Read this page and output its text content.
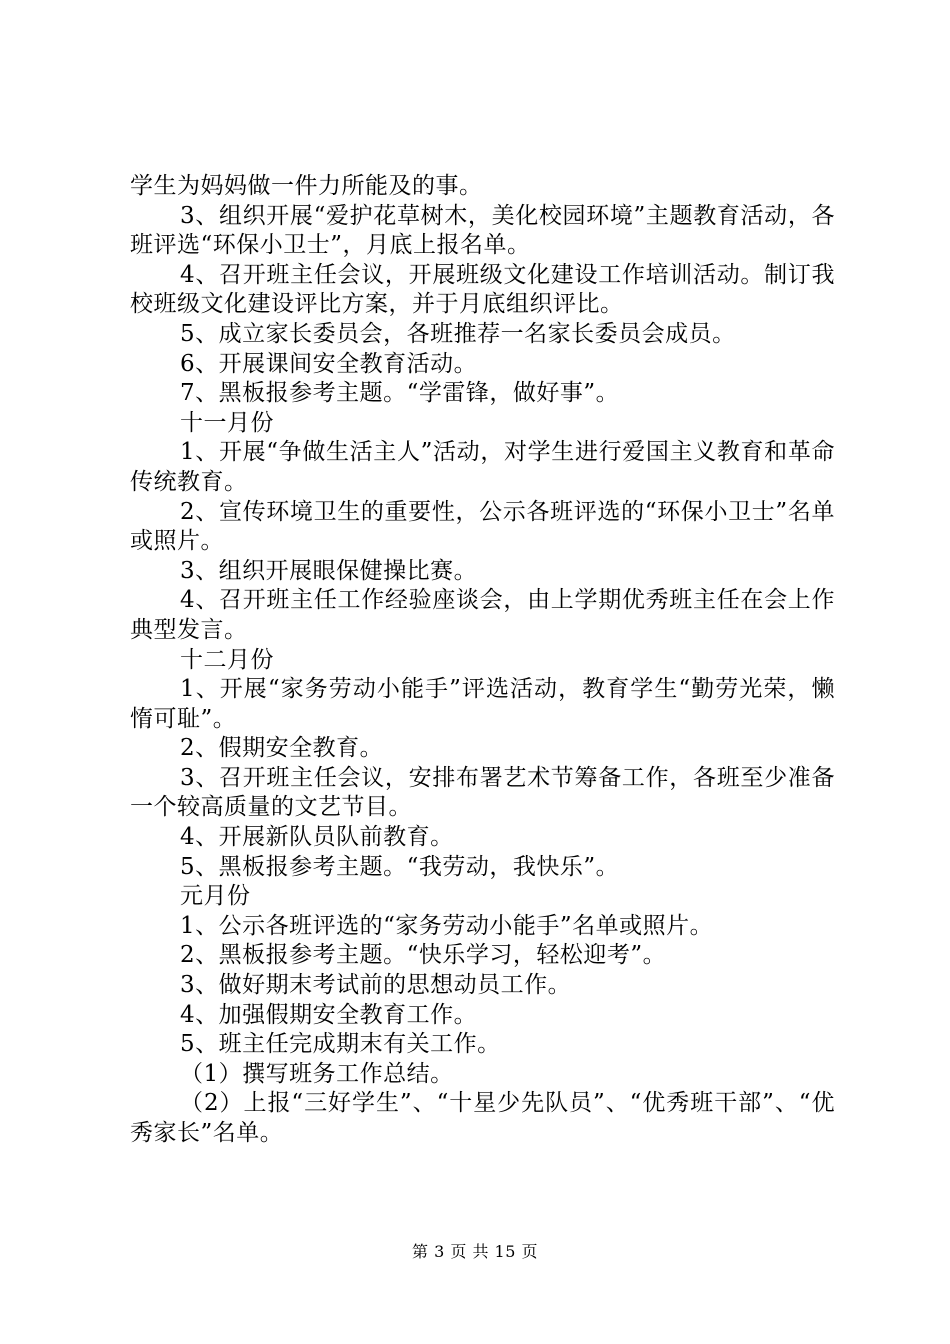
学生为妈妈做一件力所能及的事。

3、组织开展“爱护花草树木，美化校园环境”主题教育活动，各班评选“环保小卫士”，月底上报名单。

4、召开班主任会议，开展班级文化建设工作培训活动。制订我校班级文化建设评比方案，并于月底组织评比。

5、成立家长委员会，各班推荐一名家长委员会成员。

6、开展课间安全教育活动。

7、黑板报参考主题。“学雷锋，做好事”。

十一月份

1、开展“争做生活主人”活动，对学生进行爱国主义教育和革命传统教育。

2、宣传环境卫生的重要性，公示各班评选的“环保小卫士”名单或照片。

3、组织开展眼保健操比赛。

4、召开班主任工作经验座谈会，由上学期优秀班主任在会上作典型发言。

十二月份

1、开展“家务劳动小能手”评选活动，教育学生“勤劳光荣，懒惰可耻”。

2、假期安全教育。

3、召开班主任会议，安排布署艺术节筹备工作，各班至少准备一个较高质量的文艺节目。

4、开展新队员队前教育。

5、黑板报参考主题。“我劳动，我快乐”。

元月份

1、公示各班评选的“家务劳动小能手”名单或照片。

2、黑板报参考主题。“快乐学习，轻松迎考”。

3、做好期末考试前的思想动员工作。

4、加强假期安全教育工作。

5、班主任完成期末有关工作。

（1）撰写班务工作总结。

（2）上报“三好学生”、“十星少先队员”、“优秀班干部”、“优秀家长”名单。

第 3 页 共 15 页
